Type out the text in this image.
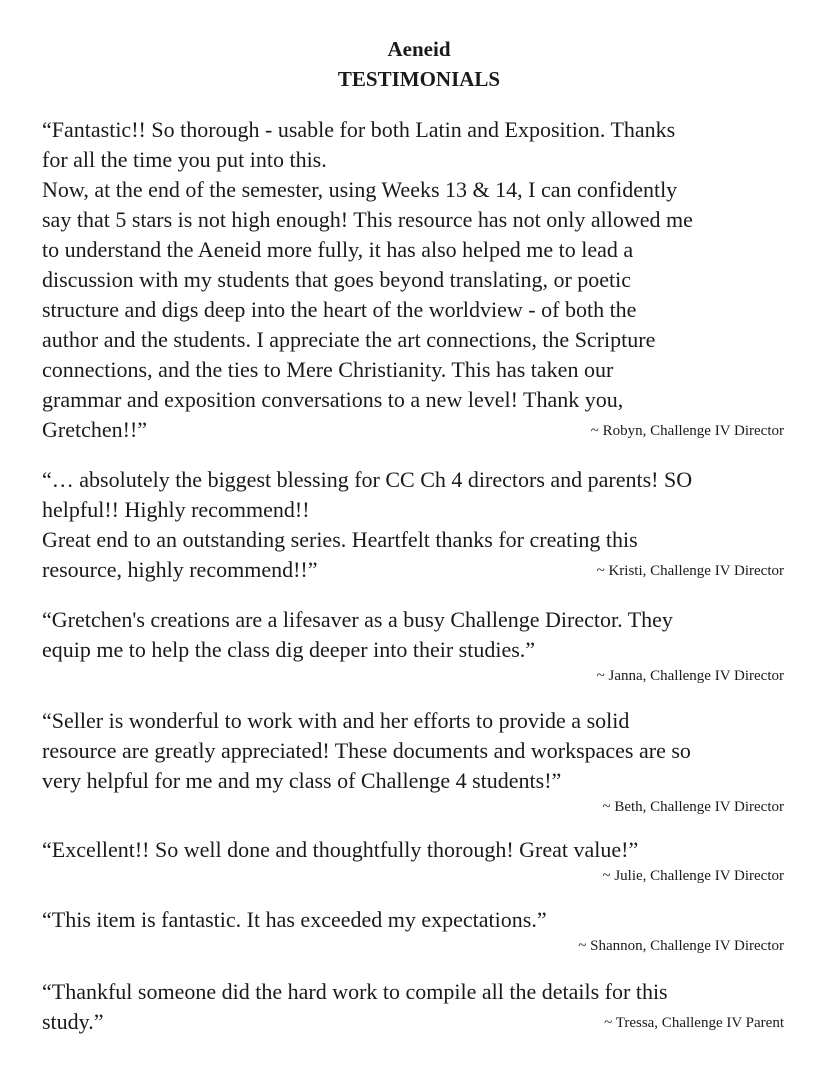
Aeneid
TESTIMONIALS

“Fantastic!! So thorough - usable for both Latin and Exposition. Thanks
for all the time you put into this.
Now, at the end of the semester, using Weeks 13 & 14, I can confidently
say that 5 stars is not high enough! This resource has not only allowed me
to understand the Aeneid more fully, it has also helped me to lead a
discussion with my students that goes beyond translating, or poetic
structure and digs deep into the heart of the worldview - of both the
author and the students. I appreciate the art connections, the Scripture
connections, and the ties to Mere Christianity. This has taken our
grammar and exposition conversations to a new level! Thank you,
Gretchen!!”	~ Robyn, Challenge IV Director

“… absolutely the biggest blessing for CC Ch 4 directors and parents! SO
helpful!! Highly recommend!!
Great end to an outstanding series. Heartfelt thanks for creating this
resource, highly recommend!!”	~ Kristi, Challenge IV Director

“Gretchen's creations are a lifesaver as a busy Challenge Director. They
equip me to help the class dig deeper into their studies.”

~ Janna, Challenge IV Director

“Seller is wonderful to work with and her efforts to provide a solid
resource are greatly appreciated! These documents and workspaces are so
very helpful for me and my class of Challenge 4 students!”

~ Beth, Challenge IV Director

“Excellent!! So well done and thoughtfully thorough! Great value!”

~ Julie, Challenge IV Director

“This item is fantastic. It has exceeded my expectations.”

~ Shannon, Challenge IV Director

“Thankful someone did the hard work to compile all the details for this
study.”	~ Tressa, Challenge IV Parent
